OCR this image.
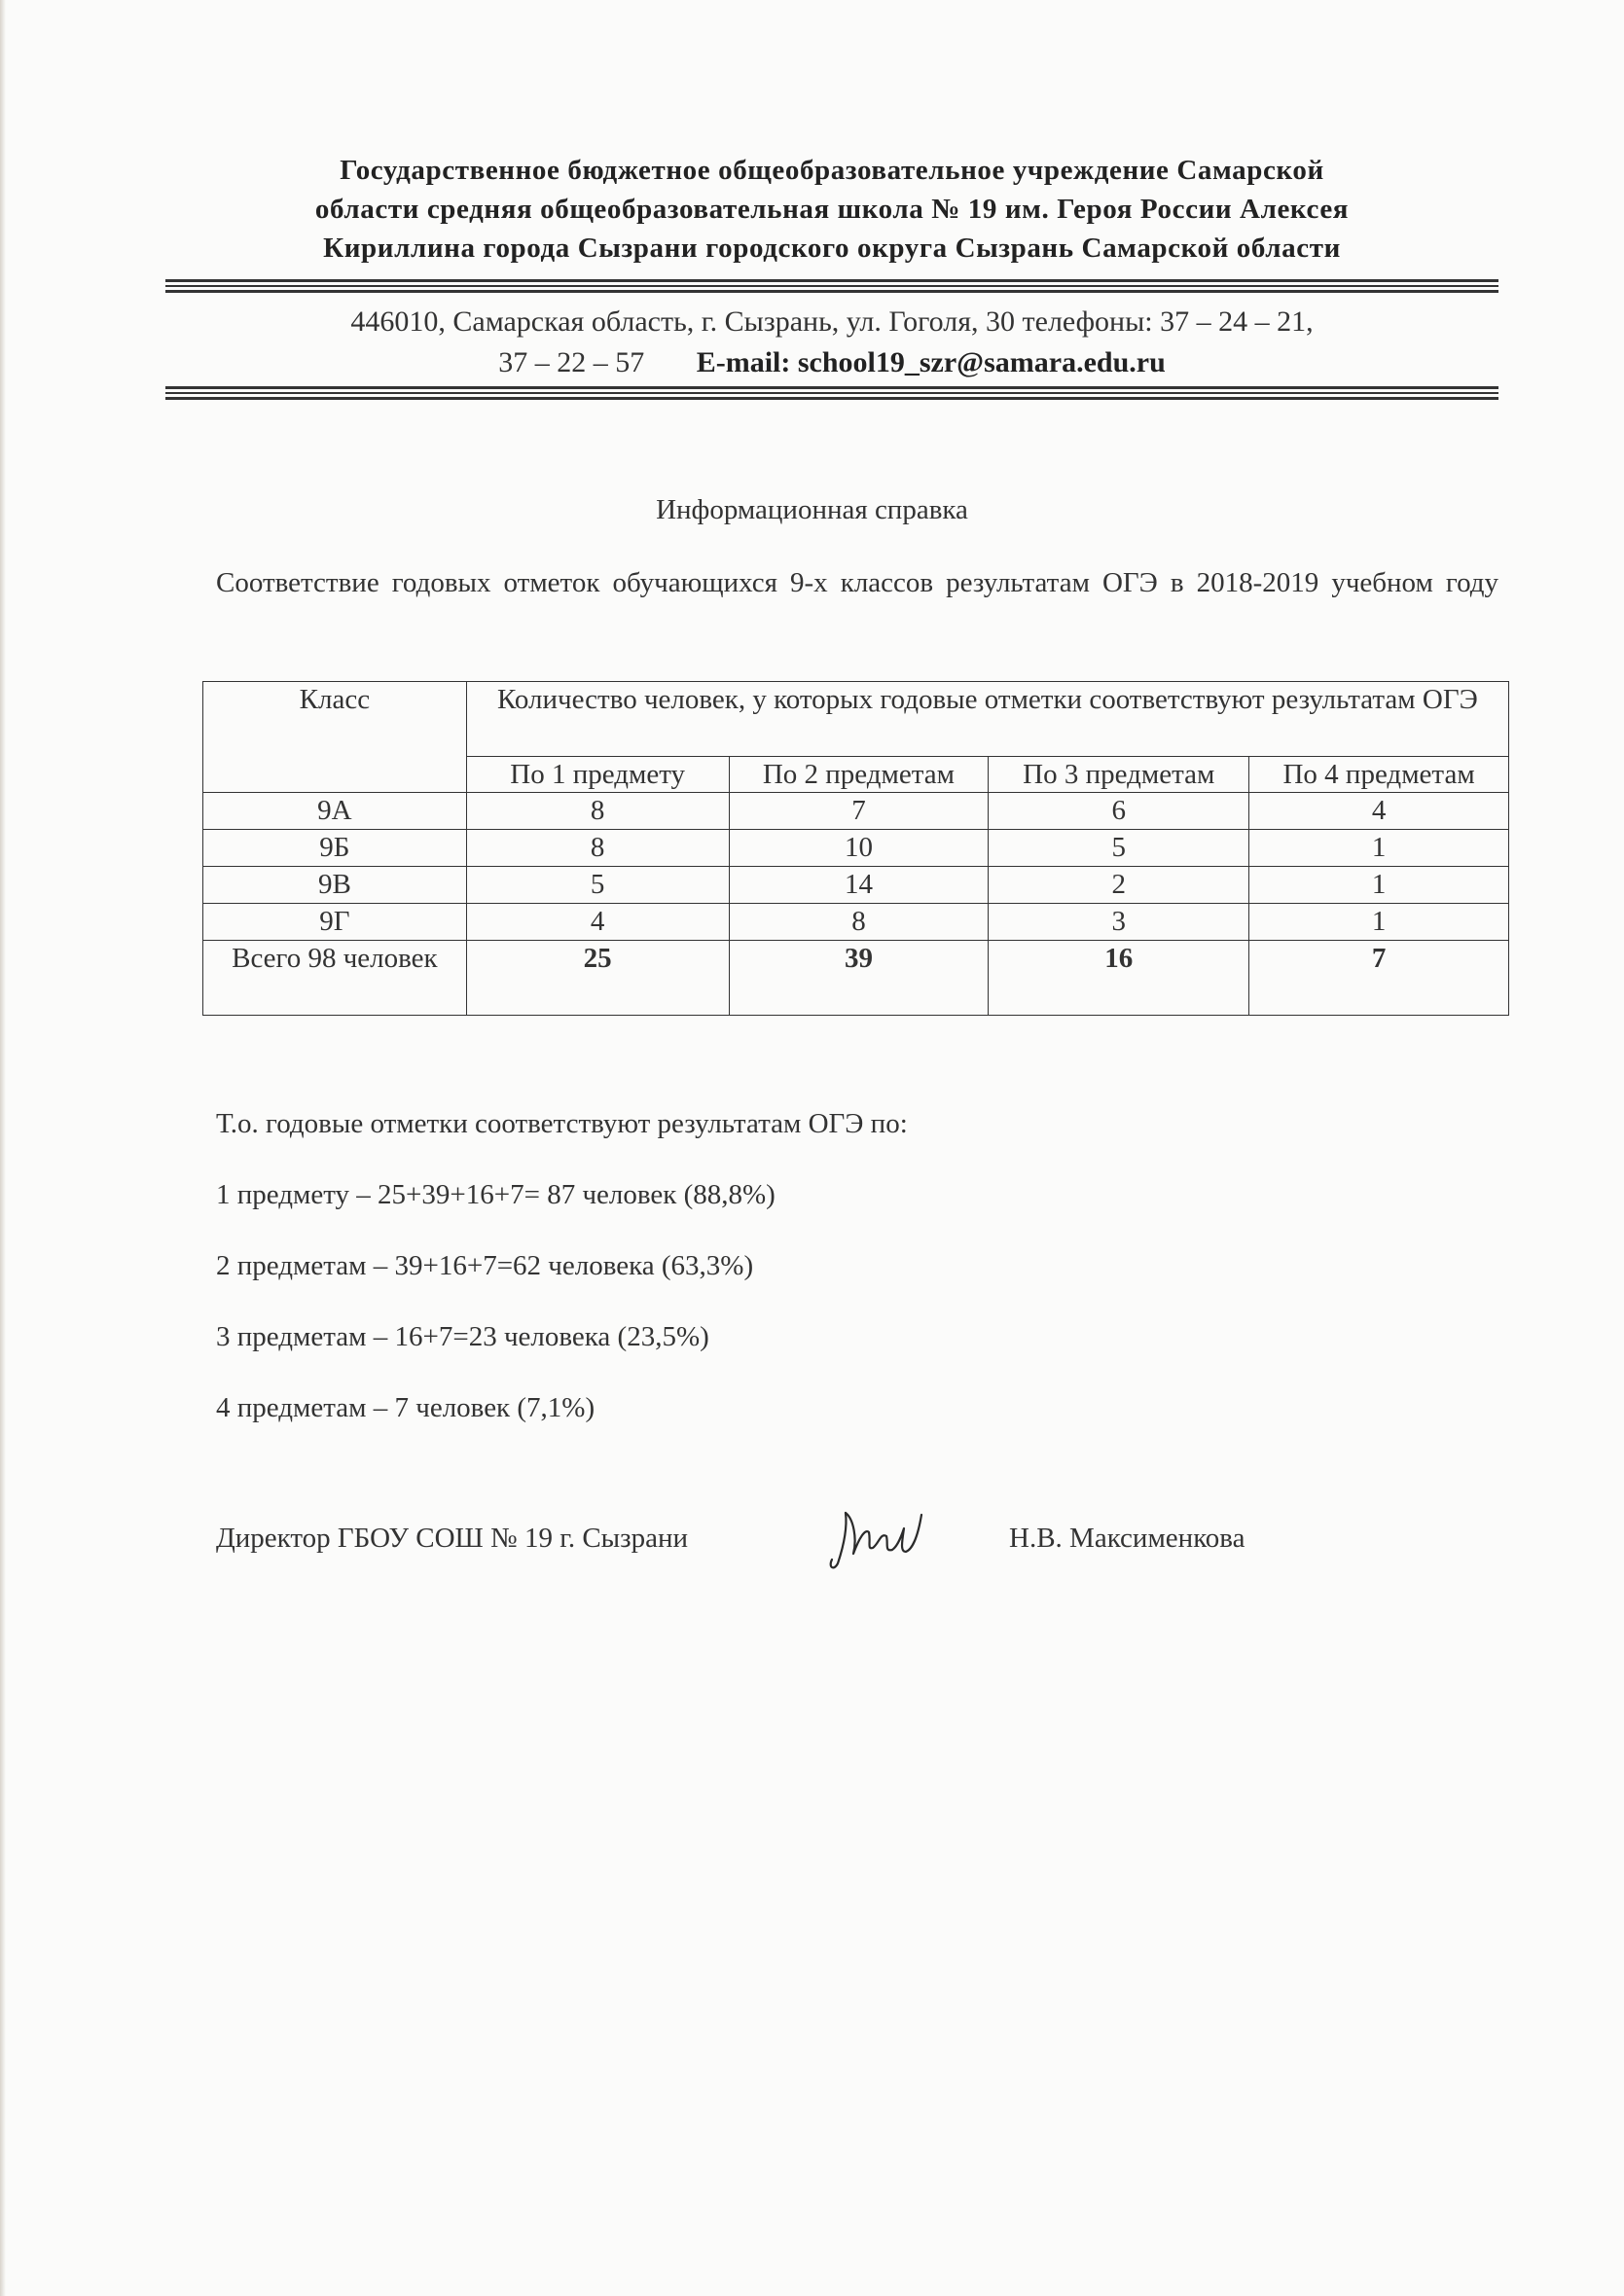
Государственное бюджетное общеобразовательное учреждение Самарской
области средняя общеобразовательная школа № 19 им. Героя России Алексея
Кириллина города Сызрани городского округа Сызрань Самарской области
446010, Самарская область, г. Сызрань, ул. Гоголя, 30 телефоны: 37 – 24 – 21,
37 – 22 – 57 E-mail: school19_szr@samara.edu.ru
Информационная справка
Соответствие годовых отметок обучающихся 9-х классов результатам ОГЭ в 2018-2019 учебном году
Класс	Количество человек, у которых годовые отметки соответствуют результатам ОГЭ			
	По 1 предмету	По 2 предметам	По 3 предметам	По 4 предметам
9А	8	7	6	4
9Б	8	10	5	1
9В	5	14	2	1
9Г	4	8	3	1
Всего 98 человек	25	39	16	7

Т.о. годовые отметки соответствуют результатам ОГЭ по:

1 предмету – 25+39+16+7= 87 человек (88,8%)

2 предметам – 39+16+7=62 человека (63,3%)

3 предметам – 16+7=23 человека (23,5%)

4 предметам – 7 человек (7,1%)

Директор ГБОУ СОШ № 19 г. Сызрани	Н.В. Максименкова
